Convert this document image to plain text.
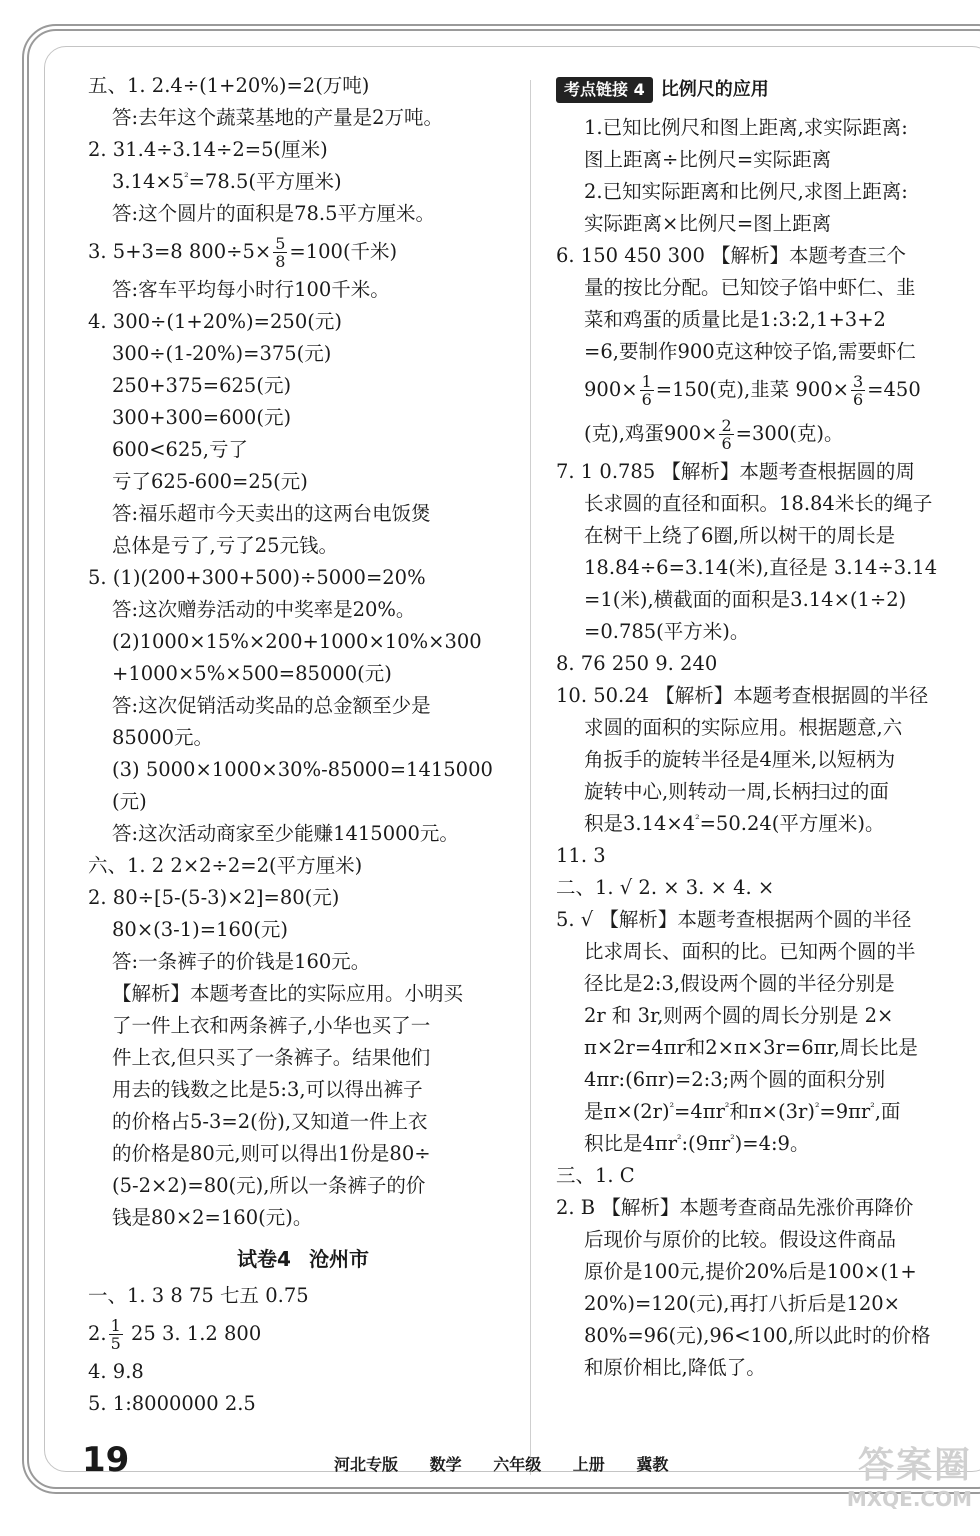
五、1. 2.4÷(1+20%)=2(万吨)
答:去年这个蔬菜基地的产量是2万吨。
2. 31.4÷3.14÷2=5(厘米)
$3.14\times 5^{^2}=78.5$(平方厘米)
答:这个圆片的面积是78.5平方厘米。
3. 5+3=8 $800\div 5\times \frac{5}{8} =100$(千米)
答:客车平均每小时行100千米。
4. 300÷(1+20%)=250(元)
300÷(1-20%)=375(元)
250+375=625(元)
300+300=600(元)
600<625,亏了
亏了625-600=25(元)
答:福乐超市今天卖出的这两台电饭煲
总体是亏了,亏了25元钱。
5. (1)(200+300+500)÷5000=20%
答:这次赠券活动的中奖率是20%。
(2)1000×15%×200+1000×10%×300
+1000×5%×500=85000(元)
答:这次促销活动奖品的总金额至少是
85000元。
(3) 5000×1000×30%-85000=1415000
(元)
答:这次活动商家至少能赚1415000元。
六、1. 2 2×2÷2=2(平方厘米)
2. 80÷[5-(5-3)×2]=80(元)
80×(3-1)=160(元)
答:一条裤子的价钱是160元。
【解析】本题考查比的实际应用。小明买
了一件上衣和两条裤子,小华也买了一
件上衣,但只买了一条裤子。结果他们
用去的钱数之比是5:3,可以得出裤子
的价格占5-3=2(份),又知道一件上衣
的价格是80元,则可以得出1份是80÷
(5-2×2)=80(元),所以一条裤子的价
钱是80×2=160(元)。
试卷4 沧州市
一、1. 3 8 75 七五 0.75
2. $\frac{1}{5} 25$ 3. 1.2 800
4. 9.8
5. 1:8000000 2.5
考点链接 4 比例尺的应用
1.已知比例尺和图上距离,求实际距离:
图上距离÷比例尺=实际距离
2.已知实际距离和比例尺,求图上距离:
实际距离×比例尺=图上距离
6. 150 450 300 【解析】本题考查三个
量的按比分配。已知饺子馅中虾仁、韭
菜和鸡蛋的质量比是1:3:2,1+3+2
=6,要制作900克这种饺子馅,需要虾仁
$900\times \frac{1}{6} =150$(克),韭菜 $900\times \frac{3}{6} =450$
(克),鸡蛋$900\times \frac{2}{6} =300$(克)。
7. 1 0.785 【解析】本题考查根据圆的周
长求圆的直径和面积。18.84米长的绳子
在树干上绕了6圈,所以树干的周长是
18.84÷6=3.14(米),直径是 3.14÷3.14
=1(米),横截面的面积是3.14×(1÷2)
=0.785(平方米)。
8. 76 250 9. 240
10. 50.24 【解析】本题考查根据圆的半径
求圆的面积的实际应用。根据题意,六
角扳手的旋转半径是4厘米,以短柄为
旋转中心,则转动一周,长柄扫过的面
积是$3.14\times 4^{^2}=50.24$(平方厘米)。
11. 3
二、1. √ 2. × 3. × 4. ×
5. √ 【解析】本题考查根据两个圆的半径
比求周长、面积的比。已知两个圆的半
径比是2:3,假设两个圆的半径分别是
2r 和 3r,则两个圆的周长分别是 2×
π×2r=4πr和2×π×3r=6πr,周长比是
4πr:(6πr)=2:3;两个圆的面积分别
是$\pi\times(2r)^{^2}=4\pi r^{^2}$和$\pi\times(3r)^{^2}=9\pi r^{^2}$,面
积比是$4\pi r^{^2}:(9\pi r^{^2})=4:9$。
三、1. C
2. B 【解析】本题考查商品先涨价再降价
后现价与原价的比较。假设这件商品
原价是100元,提价20%后是100×(1+
20%)=120(元),再打八折后是120×
80%=96(元),96<100,所以此时的价格
和原价相比,降低了。
19	河北专版 数学 六年级 上册 冀教	答案圈
MXQE.COM
